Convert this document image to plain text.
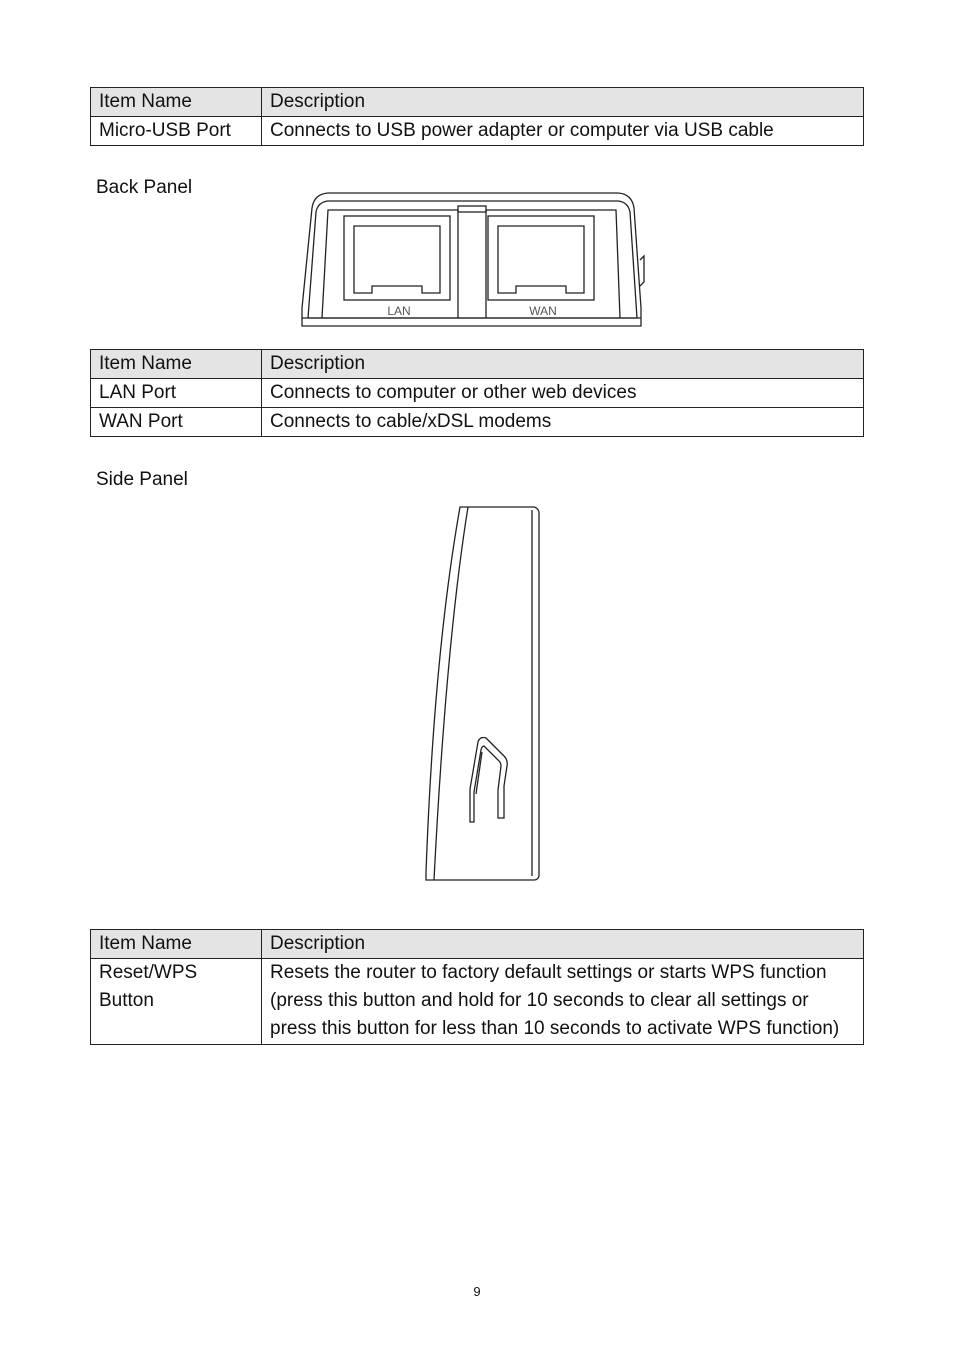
Item Name	Description
Micro-USB Port	Connects to USB power adapter or computer via USB cable
Back Panel
LAN	WAN
Item Name	Description
LAN Port	Connects to computer or other web devices
WAN Port	Connects to cable/xDSL modems
Side Panel
Item Name	Description

Reset/WPS Button	Resets the router to factory default settings or starts WPS function (press this button and hold for 10 seconds to clear all settings or press this button for less than 10 seconds to activate WPS function)
9
